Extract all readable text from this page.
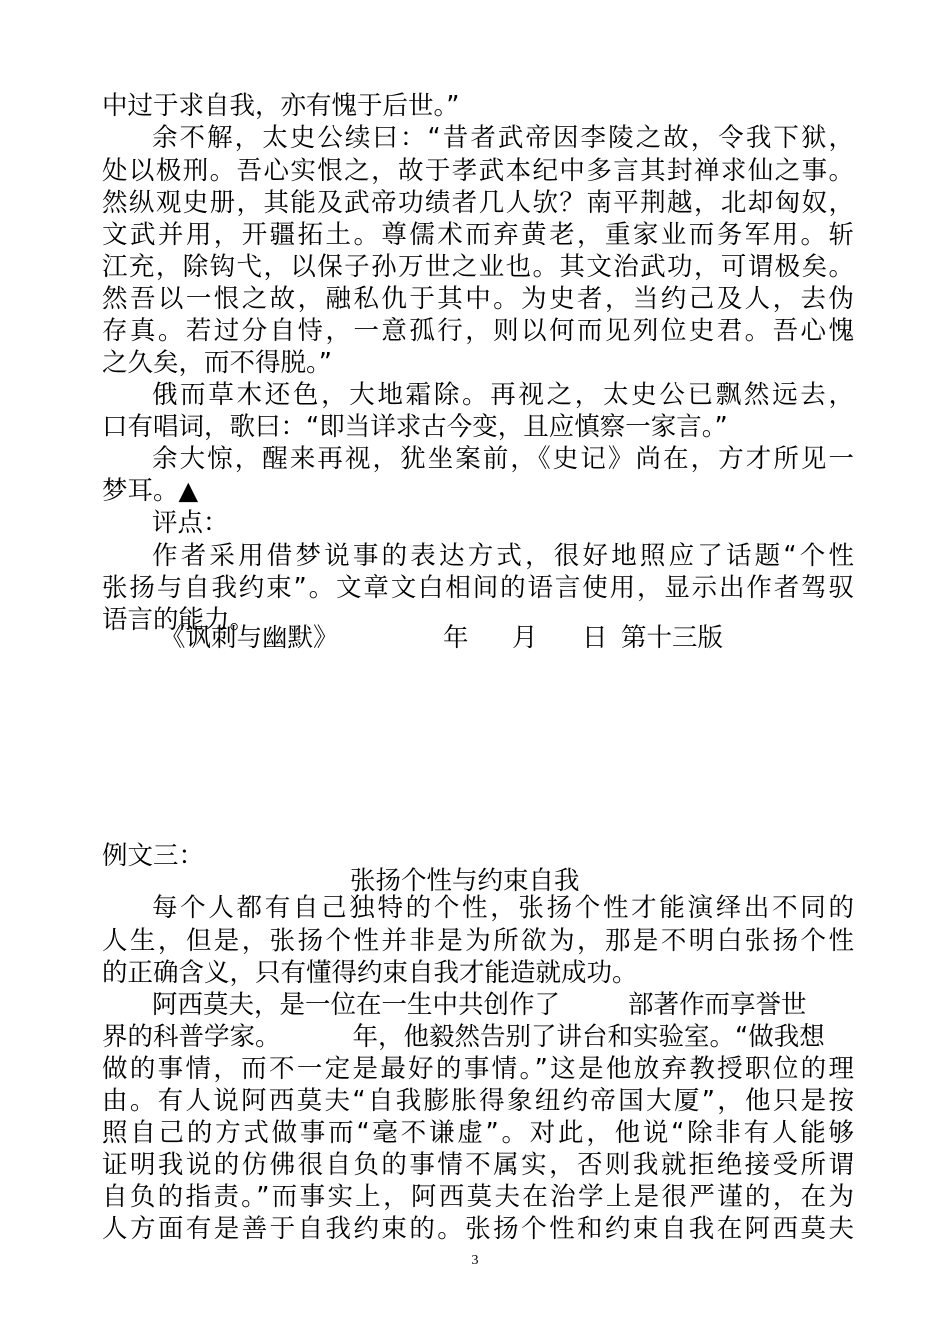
中过于求自我，亦有愧于后世。”
余不解，太史公续曰：“昔者武帝因李陵之故，令我下狱，
处以极刑。吾心实恨之，故于孝武本纪中多言其封禅求仙之事。
然纵观史册，其能及武帝功绩者几人欤？南平荆越，北却匈奴，
文武并用，开疆拓土。尊儒术而弃黄老，重家业而务军用。斩
江充，除钩弋，以保子孙万世之业也。其文治武功，可谓极矣。
然吾以一恨之故，融私仇于其中。为史者，当约己及人，去伪
存真。若过分自恃，一意孤行，则以何而见列位史君。吾心愧
之久矣，而不得脱。”
俄而草木还色，大地霜除。再视之，太史公已飘然远去，
口有唱词，歌曰：“即当详求古今变，且应慎察一家言。”
余大惊，醒来再视，犹坐案前，《史记》尚在，方才所见一
梦耳。▲
评点：
作者采用借梦说事的表达方式，很好地照应了话题“个性
张扬与自我约束”。文章文白相间的语言使用，显示出作者驾驭
语言的能力。
《讽刺与幽默》	年 月 日 第十三版
例文三：
张扬个性与约束自我
每个人都有自己独特的个性，张扬个性才能演绎出不同的
人生，但是，张扬个性并非是为所欲为，那是不明白张扬个性
的正确含义，只有懂得约束自我才能造就成功。
阿西莫夫，是一位在一生中共创作了	部著作而享誉世
界的科普学家。	年，他毅然告别了讲台和实验室。“做我想
做的事情，而不一定是最好的事情。”这是他放弃教授职位的理
由。有人说阿西莫夫“自我膨胀得象纽约帝国大厦”，他只是按
照自己的方式做事而“毫不谦虚”。对此，他说“除非有人能够
证明我说的仿佛很自负的事情不属实，否则我就拒绝接受所谓
自负的指责。”而事实上，阿西莫夫在治学上是很严谨的，在为
人方面有是善于自我约束的。张扬个性和约束自我在阿西莫夫
3
